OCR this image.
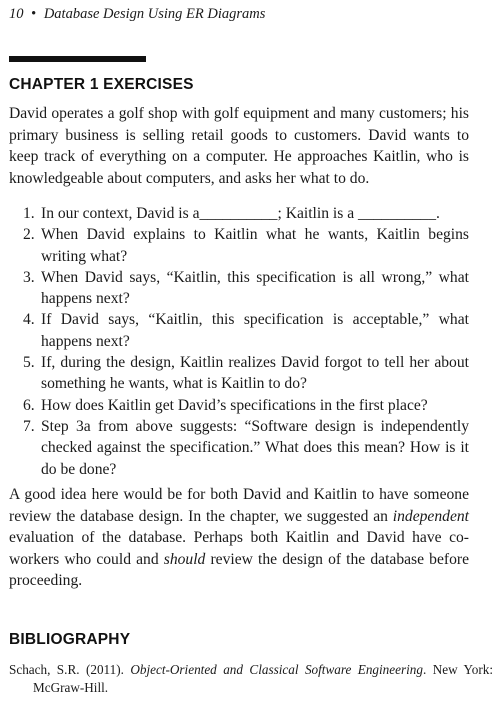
10 • Database Design Using ER Diagrams
CHAPTER 1 EXERCISES

David operates a golf shop with golf equipment and many customers; his primary business is selling retail goods to customers. David wants to keep track of everything on a computer. He approaches Kaitlin, who is knowledgeable about computers, and asks her what to do.

1. In our context, David is a__________; Kaitlin is a __________.
2. When David explains to Kaitlin what he wants, Kaitlin begins writing what?
3. When David says, “Kaitlin, this specification is all wrong,” what happens next?
4. If David says, “Kaitlin, this specification is acceptable,” what happens next?
5. If, during the design, Kaitlin realizes David forgot to tell her about something he wants, what is Kaitlin to do?
6. How does Kaitlin get David’s specifications in the first place?
7. Step 3a from above suggests: “Software design is independently checked against the specification.” What does this mean? How is it do be done?

A good idea here would be for both David and Kaitlin to have someone review the database design. In the chapter, we suggested an independent evaluation of the database. Perhaps both Kaitlin and David have co-workers who could and should review the design of the database before proceeding.

BIBLIOGRAPHY

Schach, S.R. (2011). Object-Oriented and Classical Software Engineering. New York: McGraw-Hill.
